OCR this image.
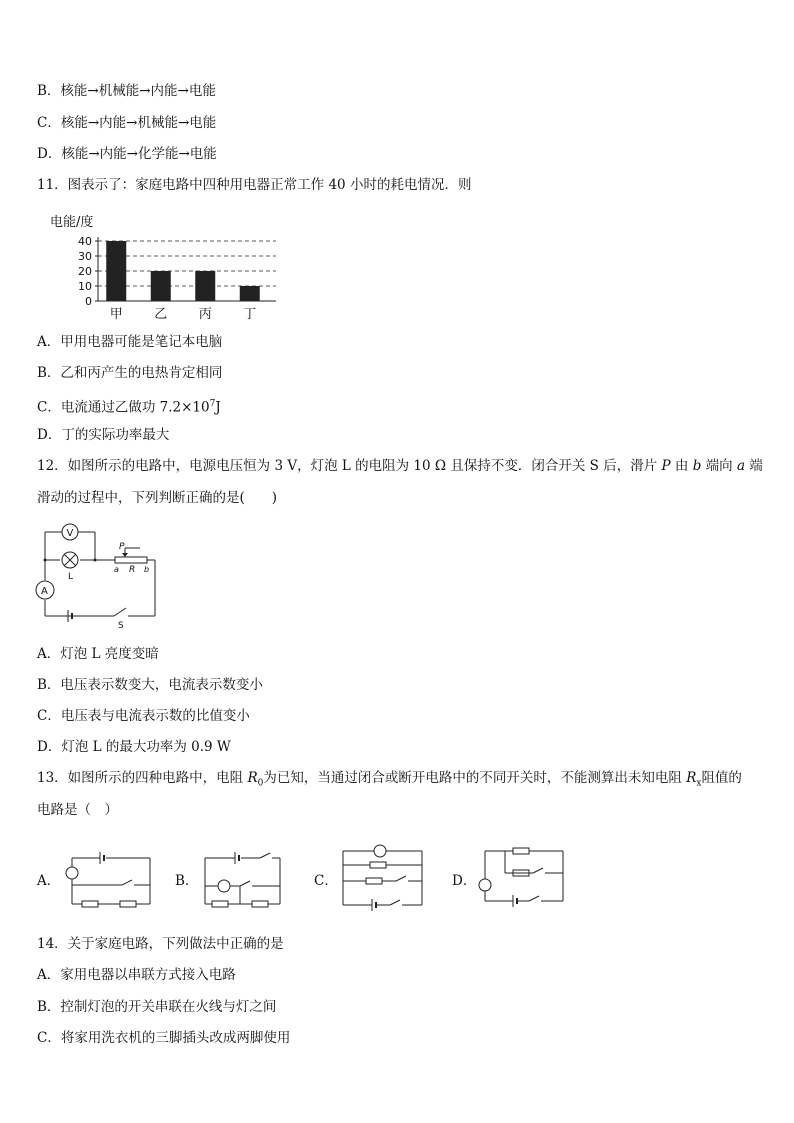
B．核能→机械能→内能→电能
C．核能→内能→机械能→电能
D．核能→内能→化学能→电能
11．图表示了：家庭电路中四种用电器正常工作 40 小时的耗电情况．则
电能/度
0
10
20
30
40
甲 乙 丙 丁
A．甲用电器可能是笔记本电脑
B．乙和丙产生的电热肯定相同
C．电流通过乙做功 $7.2\times 10^7J$
D．丁的实际功率最大
12．如图所示的电路中，电源电压恒为 3 V，灯泡 L 的电阻为 10 Ω 且保持不变．闭合开关 S 后，滑片 P 由 b 端向 a 端
滑动的过程中，下列判断正确的是(　　)
V
A
L
P
a R b
S
A．灯泡 L 亮度变暗
B．电压表示数变大，电流表示数变小
C．电压表与电流表示数的比值变小
D．灯泡 L 的最大功率为 0.9 W
13．如图所示的四种电路中，电阻 $R_0$为已知，当通过闭合或断开电路中的不同开关时，不能测算出未知电阻 $R_x$阻值的
电路是（　）
A．	B．	C．	D．
14．关于家庭电路，下列做法中正确的是
A．家用电器以串联方式接入电路
B．控制灯泡的开关串联在火线与灯之间
C．将家用洗衣机的三脚插头改成两脚使用
